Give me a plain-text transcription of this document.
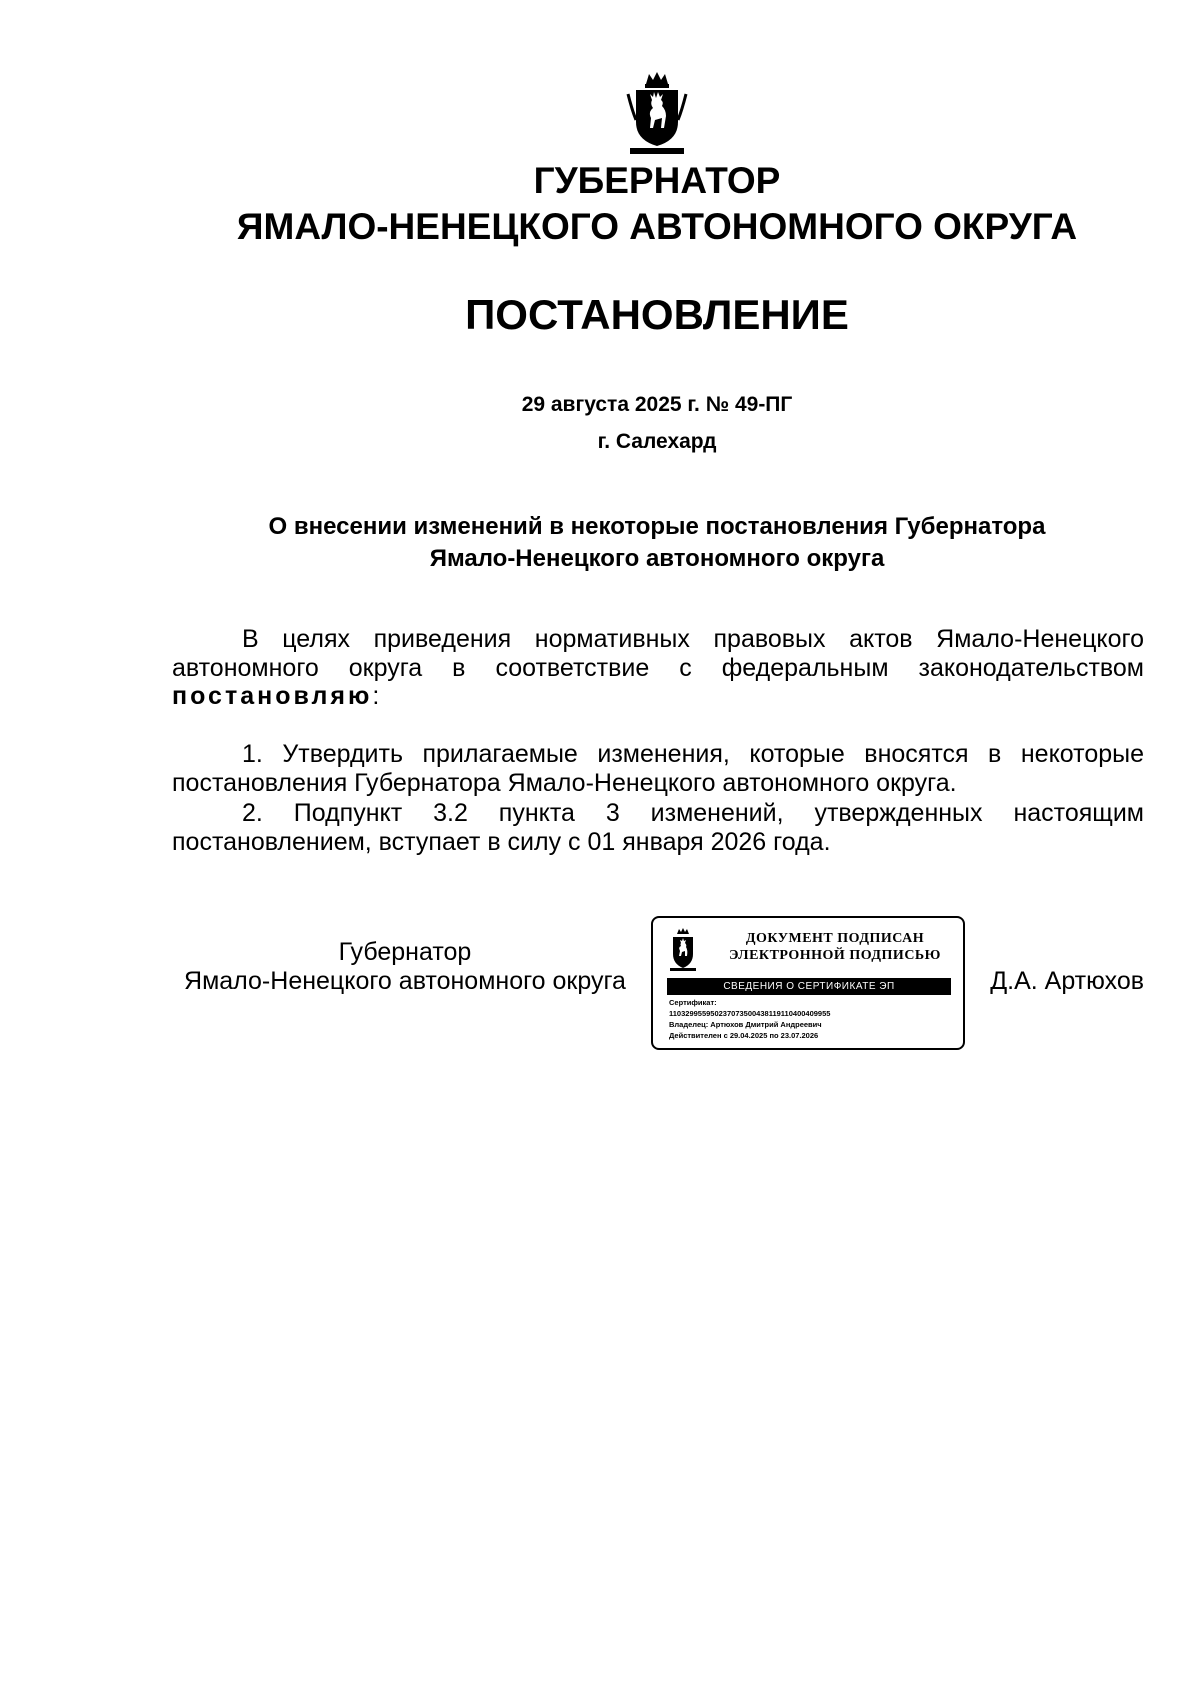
ГУБЕРНАТОР
ЯМАЛО-НЕНЕЦКОГО АВТОНОМНОГО ОКРУГА
ПОСТАНОВЛЕНИЕ
29 августа 2025 г. № 49-ПГ
г. Салехард
О внесении изменений в некоторые постановления Губернатора
Ямало-Ненецкого автономного округа

В целях приведения нормативных правовых актов Ямало-Ненецкого автономного округа в соответствие с федеральным законодательством постановляю:

1. Утвердить прилагаемые изменения, которые вносятся в некоторые постановления Губернатора Ямало-Ненецкого автономного округа.

2. Подпункт 3.2 пункта 3 изменений, утвержденных настоящим постановлением, вступает в силу с 01 января 2026 года.

Губернатор
Ямало-Ненецкого автономного округа
ДОКУМЕНТ ПОДПИСАН
ЭЛЕКТРОННОЙ ПОДПИСЬЮ
СВЕДЕНИЯ О СЕРТИФИКАТЕ ЭП
Сертификат:
110329955950237073500438119110400409955
Владелец: Артюхов Дмитрий Андреевич
Действителен с 29.04.2025 по 23.07.2026
Д.А. Артюхов
